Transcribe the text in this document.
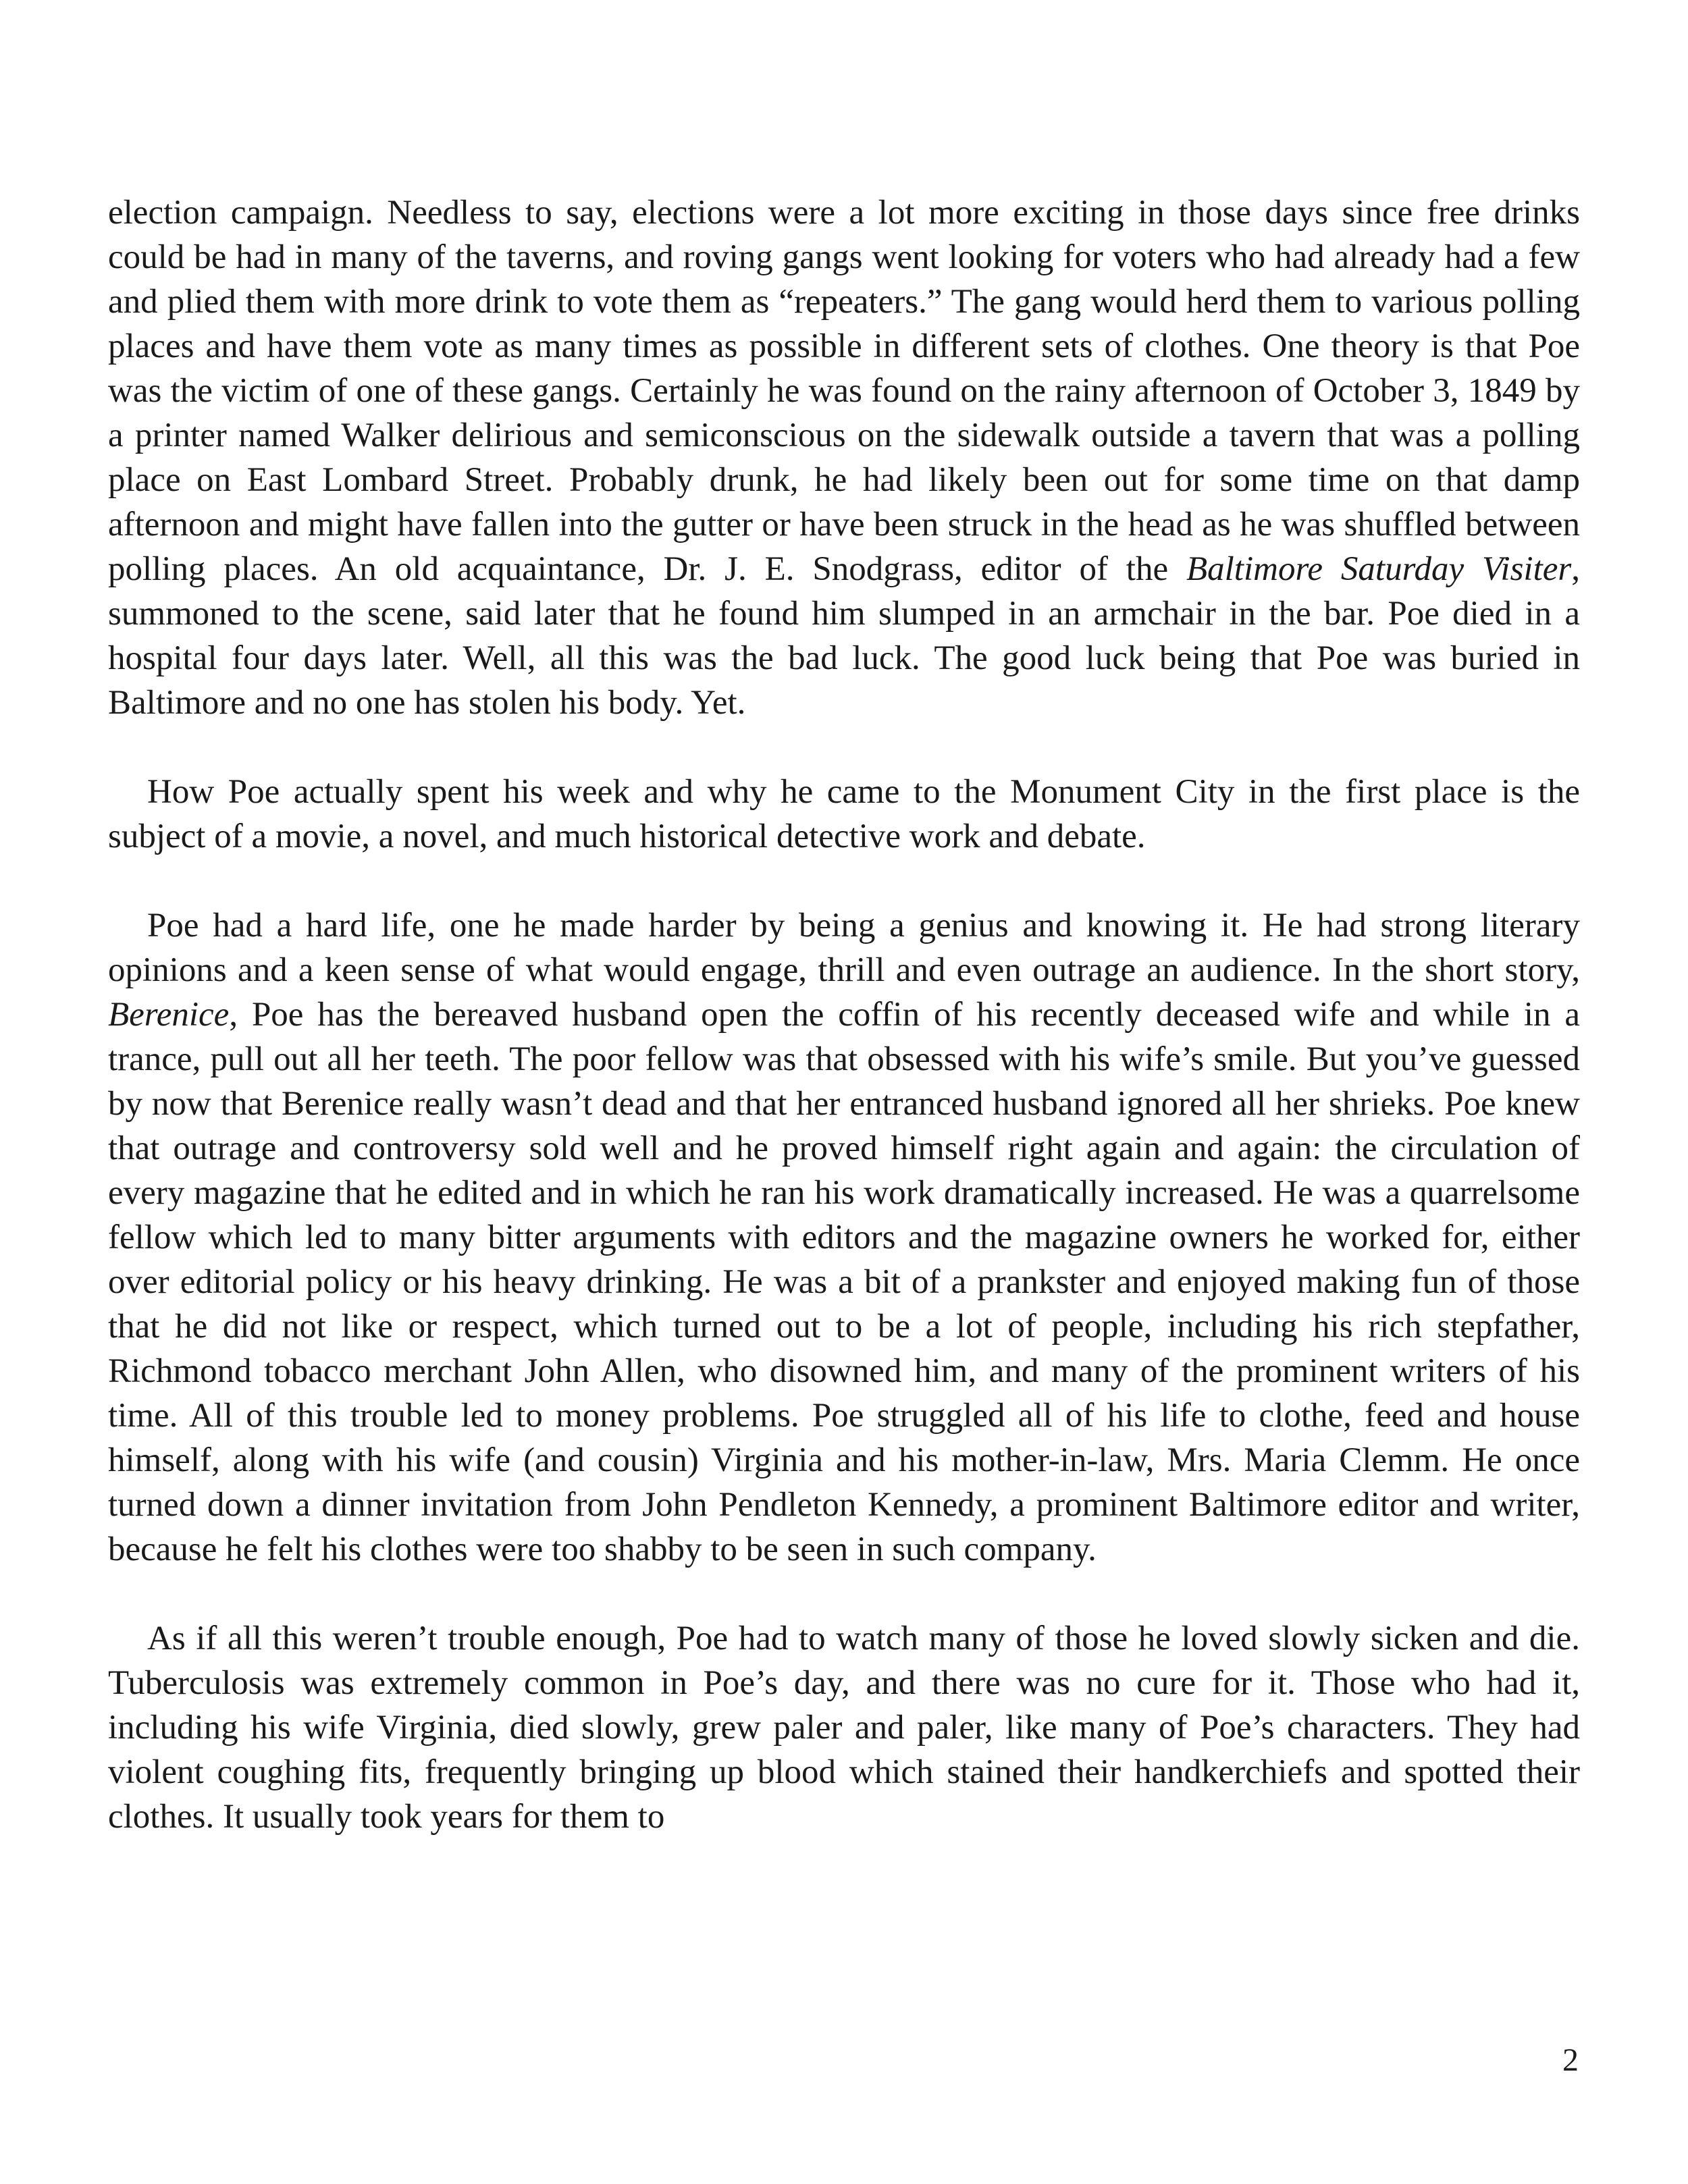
election campaign. Needless to say, elections were a lot more exciting in those days since free drinks could be had in many of the taverns, and roving gangs went looking for voters who had already had a few and plied them with more drink to vote them as “repeaters.” The gang would herd them to various polling places and have them vote as many times as possible in different sets of clothes. One theory is that Poe was the victim of one of these gangs. Certainly he was found on the rainy afternoon of October 3, 1849 by a printer named Walker delirious and semiconscious on the sidewalk outside a tavern that was a polling place on East Lombard Street. Probably drunk, he had likely been out for some time on that damp afternoon and might have fallen into the gutter or have been struck in the head as he was shuffled between polling places. An old acquaintance, Dr. J. E. Snodgrass, editor of the Baltimore Saturday Visiter, summoned to the scene, said later that he found him slumped in an armchair in the bar. Poe died in a hospital four days later. Well, all this was the bad luck. The good luck being that Poe was buried in Baltimore and no one has stolen his body. Yet.

How Poe actually spent his week and why he came to the Monument City in the first place is the subject of a movie, a novel, and much historical detective work and debate.

Poe had a hard life, one he made harder by being a genius and knowing it. He had strong literary opinions and a keen sense of what would engage, thrill and even outrage an audience. In the short story, Berenice, Poe has the bereaved husband open the coffin of his recently deceased wife and while in a trance, pull out all her teeth. The poor fellow was that obsessed with his wife’s smile. But you’ve guessed by now that Berenice really wasn’t dead and that her entranced husband ignored all her shrieks. Poe knew that outrage and controversy sold well and he proved himself right again and again: the circulation of every magazine that he edited and in which he ran his work dramatically increased. He was a quarrelsome fellow which led to many bitter arguments with editors and the magazine owners he worked for, either over editorial policy or his heavy drinking. He was a bit of a prankster and enjoyed making fun of those that he did not like or respect, which turned out to be a lot of people, including his rich stepfather, Richmond tobacco merchant John Allen, who disowned him, and many of the prominent writers of his time. All of this trouble led to money problems. Poe struggled all of his life to clothe, feed and house himself, along with his wife (and cousin) Virginia and his mother-in-law, Mrs. Maria Clemm. He once turned down a dinner invitation from John Pendleton Kennedy, a prominent Baltimore editor and writer, because he felt his clothes were too shabby to be seen in such company.

As if all this weren’t trouble enough, Poe had to watch many of those he loved slowly sicken and die. Tuberculosis was extremely common in Poe’s day, and there was no cure for it. Those who had it, including his wife Virginia, died slowly, grew paler and paler, like many of Poe’s characters. They had violent coughing fits, frequently bringing up blood which stained their handkerchiefs and spotted their clothes. It usually took years for them to

2
